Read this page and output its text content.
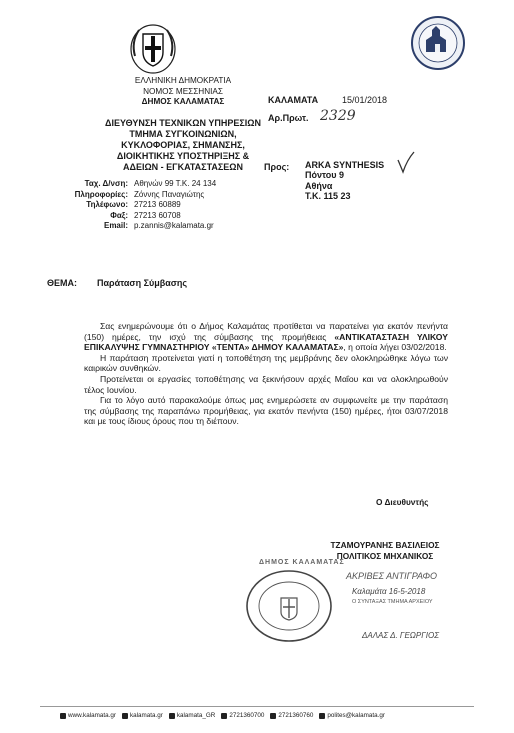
ΕΛΛΗΝΙΚΗ ΔΗΜΟΚΡΑΤΙΑ
ΝΟΜΟΣ ΜΕΣΣΗΝΙΑΣ
ΔΗΜΟΣ ΚΑΛΑΜΑΤΑΣ
ΔΙΕΥΘΥΝΣΗ ΤΕΧΝΙΚΩΝ ΥΠΗΡΕΣΙΩΝ
ΤΜΗΜΑ ΣΥΓΚΟΙΝΩΝΙΩΝ,
ΚΥΚΛΟΦΟΡΙΑΣ, ΣΗΜΑΝΣΗΣ,
ΔΙΟΙΚΗΤΙΚΗΣ ΥΠΟΣΤΗΡΙΞΗΣ &
ΑΔΕΙΩΝ - ΕΓΚΑΤΑΣΤΑΣΕΩΝ
Ταχ. Δ/νση: Αθηνών 99 Τ.Κ. 24 134
Πληροφορίες: Ζόννης Παναγιώτης
Τηλέφωνο: 27213 60889
Φαξ: 27213 60708
Email: p.zannis@kalamata.gr
ΚΑΛΑΜΑΤΑ	15/01/2018
Αρ.Πρωτ. 2329
Προς: ARKA SYNTHESIS
Πόντου 9
Αθήνα
Τ.Κ. 115 23
ΘΕΜΑ: Παράταση Σύμβασης

Σας ενημερώνουμε ότι ο Δήμος Καλαμάτας προτίθεται να παρατείνει για εκατόν πενήντα (150) ημέρες, την ισχύ της σύμβασης της προμήθειας «ΑΝΤΙΚΑΤΑΣΤΑΣΗ ΥΛΙΚΟΥ ΕΠΙΚΑΛΥΨΗΣ ΓΥΜΝΑΣΤΗΡΙΟΥ «ΤΕΝΤΑ» ΔΗΜΟΥ ΚΑΛΑΜΑΤΑΣ», η οποία λήγει 03/02/2018.

Η παράταση προτείνεται γιατί η τοποθέτηση της μεμβράνης δεν ολοκληρώθηκε λόγω των καιρικών συνθηκών.

Προτείνεται οι εργασίες τοποθέτησης να ξεκινήσουν αρχές Μαΐου και να ολοκληρωθούν τέλος Ιουνίου.

Για το λόγο αυτό παρακαλούμε όπως μας ενημερώσετε αν συμφωνείτε με την παράταση της σύμβασης της παραπάνω προμήθειας, για εκατόν πενήντα (150) ημέρες, ήτοι 03/07/2018 και με τους ίδιους όρους που τη διέπουν.

Ο Διευθυντής
ΤΖΑΜΟΥΡΑΝΗΣ ΒΑΣΙΛΕΙΟΣ
ΠΟΛΙΤΙΚΟΣ ΜΗΧΑΝΙΚΟΣ
ΔΗΜΟΣ ΚΑΛΑΜΑΤΑΣ
ΑΚΡΙΒΕΣ ΑΝΤΙΓΡΑΦΟ
Καλαμάτα 16-5-2018
Ο ΣΥΝΤΑΞΑΣ ΤΜΗΜΑ ΑΡΧΕΙΟΥ
ΔΑΛΑΣ Δ. ΓΕΩΡΓΙΟΣ
www.kalamata.gr kalamata.gr kalamata_GR 2721360700 2721360760 polites@kalamata.gr
